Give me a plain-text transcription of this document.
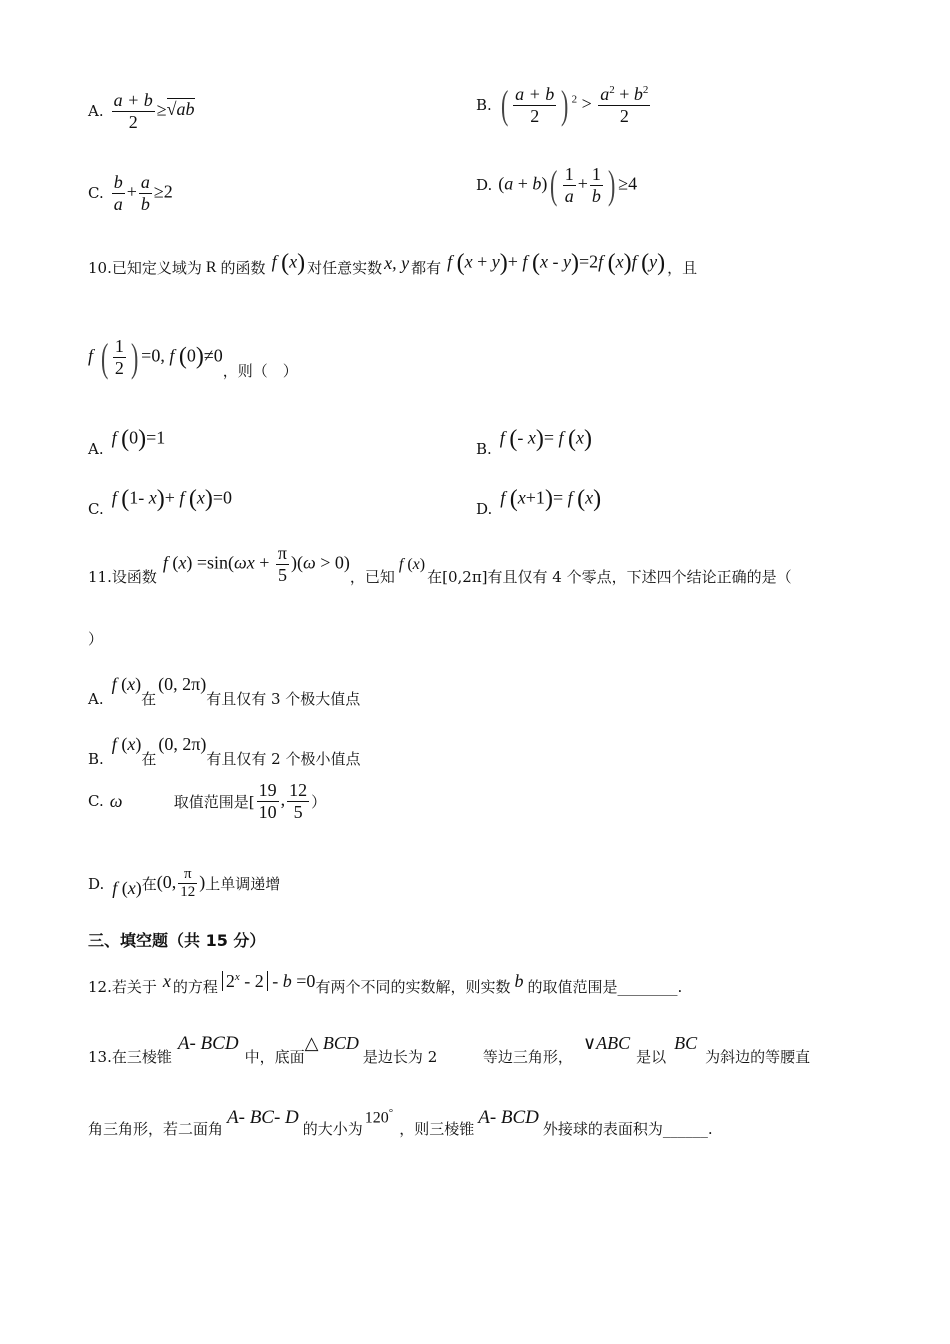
A. $\frac{a + b}{2} \ge√ab$	B. ( $\frac{a + b}{2}$ ) $^2 > \frac{a^2 + b^2}{2}$
C. $\frac{b}{a} + \frac{a}{b} \ge 2$	D. $(a + b)( \frac{1}{a} + \frac{1}{b}$ ) ≥4
10. 已知定义域为 R 的函数 f (x) 对任意实数 x, y 都有 f (x + y)+ f (x - y)=2f (x)f (y) ，且
f ( $\frac{1}{2}$ ) =0, f (0)≠0
，则（　）
A.
f (0)=1
B.
f (- x)= f (x)
C.
f (1- x)+ f (x)=0
D.
f (x+1)= f (x)
11. 设函数
f $(x) =\sin(\omega x + \frac{\pi}{5} )(\omega > 0)$
，已知
f (x)
在[0,2π]有且仅有 4 个零点，下述四个结论正确的是（
）
A.
f (x)
在
(0, 2π)
有且仅有 3 个极大值点
B.
f (x)
在
(0, 2π)
有且仅有 2 个极小值点
C. ω	取值范围是[ $\frac{19}{10}$ , $\frac{12}{5}$ ）
D. f (x) 在 (0, $\frac{\pi}{12}$ ) 上单调递增
三、填空题（共 15 分）
12. 若关于 x 的方程 2$^x$ - 2 - b =0 有两个不同的实数解，则实数 b 的取值范围是________.
13. 在三棱锥
A- BCD
中，底面
△ BCD
是边长为 2	等边三角形，
∨ABC
是以
BC
为斜边的等腰直
角三角形，若二面角
A- BC- D
的大小为
120°
，则三棱锥
A- BCD
外接球的表面积为______.
